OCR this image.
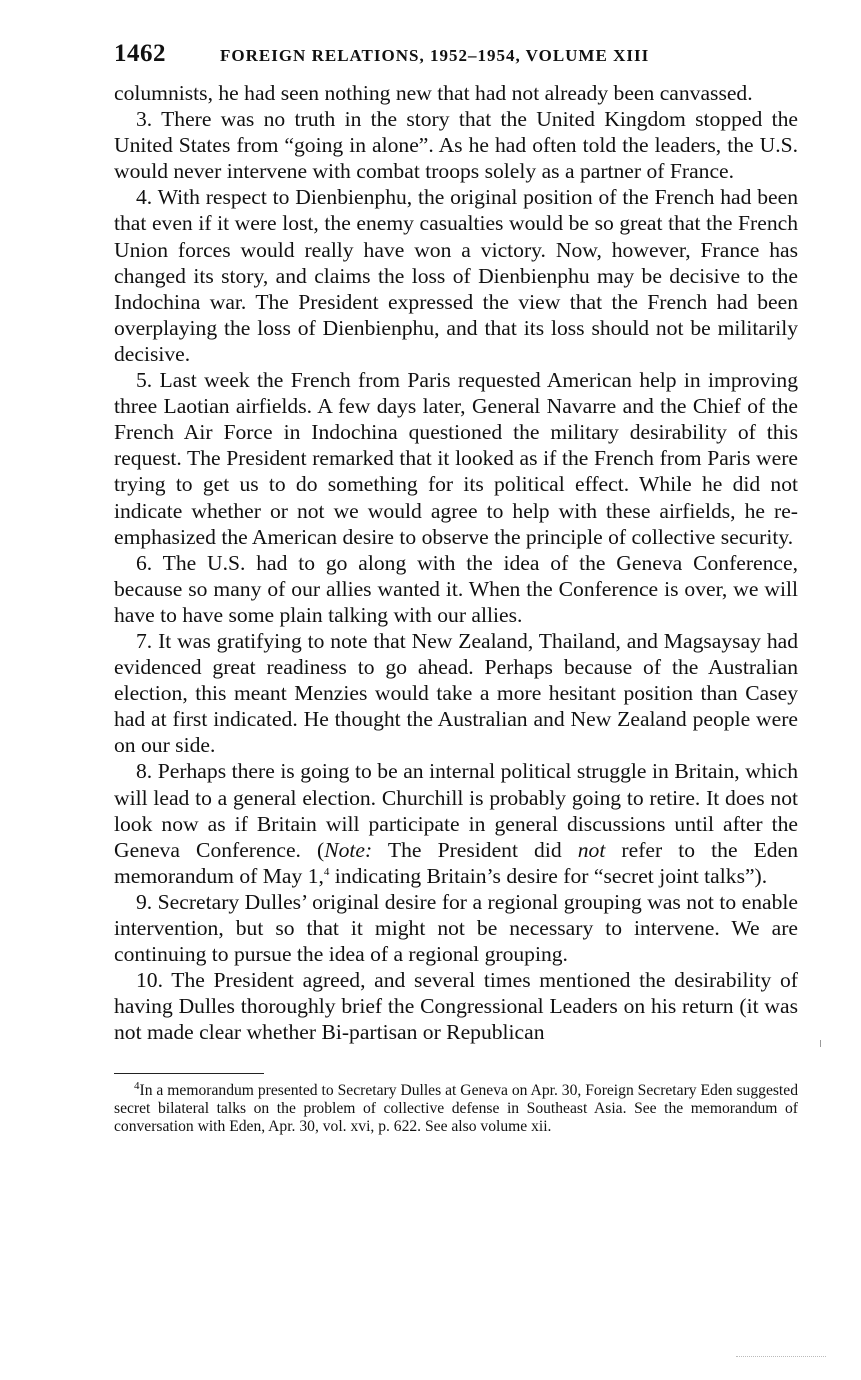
1462	FOREIGN RELATIONS, 1952–1954, VOLUME XIII

columnists, he had seen nothing new that had not already been canvassed.

3. There was no truth in the story that the United Kingdom stopped the United States from “going in alone”. As he had often told the leaders, the U.S. would never intervene with combat troops solely as a partner of France.

4. With respect to Dienbienphu, the original position of the French had been that even if it were lost, the enemy casualties would be so great that the French Union forces would really have won a victory. Now, however, France has changed its story, and claims the loss of Dienbienphu may be decisive to the Indochina war. The President expressed the view that the French had been overplaying the loss of Dienbienphu, and that its loss should not be militarily decisive.

5. Last week the French from Paris requested American help in improving three Laotian airfields. A few days later, General Navarre and the Chief of the French Air Force in Indochina questioned the military desirability of this request. The President remarked that it looked as if the French from Paris were trying to get us to do something for its political effect. While he did not indicate whether or not we would agree to help with these airfields, he re-emphasized the American desire to observe the principle of collective security.

6. The U.S. had to go along with the idea of the Geneva Conference, because so many of our allies wanted it. When the Conference is over, we will have to have some plain talking with our allies.

7. It was gratifying to note that New Zealand, Thailand, and Magsaysay had evidenced great readiness to go ahead. Perhaps because of the Australian election, this meant Menzies would take a more hesitant position than Casey had at first indicated. He thought the Australian and New Zealand people were on our side.

8. Perhaps there is going to be an internal political struggle in Britain, which will lead to a general election. Churchill is probably going to retire. It does not look now as if Britain will participate in general discussions until after the Geneva Conference. (Note: The President did not refer to the Eden memorandum of May 1,$^4$ indicating Britain’s desire for “secret joint talks”).

9. Secretary Dulles’ original desire for a regional grouping was not to enable intervention, but so that it might not be necessary to intervene. We are continuing to pursue the idea of a regional grouping.

10. The President agreed, and several times mentioned the desirability of having Dulles thoroughly brief the Congressional Leaders on his return (it was not made clear whether Bi-partisan or Republican

$^4$In a memorandum presented to Secretary Dulles at Geneva on Apr. 30, Foreign Secretary Eden suggested secret bilateral talks on the problem of collective defense in Southeast Asia. See the memorandum of conversation with Eden, Apr. 30, vol. xvi, p. 622. See also volume xii.
